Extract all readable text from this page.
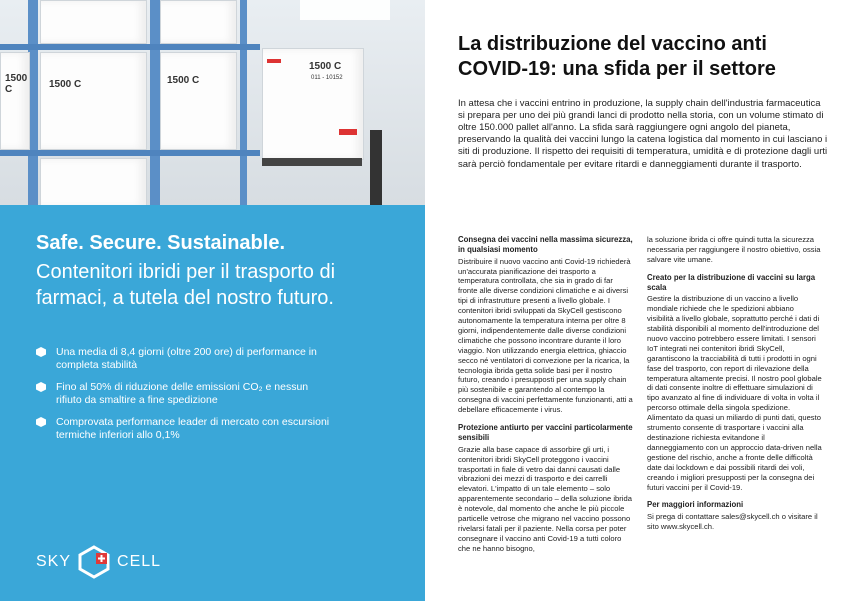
1500 C	1500 C	1500 C
1500 C
011 - 10152
Safe. Secure. Sustainable.
Contenitori ibridi per il trasporto di farmaci, a tutela del nostro futuro.
Una media di 8,4 giorni (oltre 200 ore) di performance in completa stabilità
Fino al 50% di riduzione delle emissioni CO₂ e nessun rifiuto da smaltire a fine spedizione
Comprovata performance leader di mercato con escursioni termiche inferiori allo 0,1%
SKY	CELL
La distribuzione del vaccino anti COVID-19: una sfida per il settore

In attesa che i vaccini entrino in produzione, la supply chain dell'industria farmaceutica si prepara per uno dei più grandi lanci di prodotto nella storia, con un volume stimato di oltre 150.000 pallet all'anno. La sfida sarà raggiungere ogni angolo del pianeta, preservando la qualità dei vaccini lungo la catena logistica dal momento in cui lasciano i siti di produzione. Il rispetto dei requisiti di temperatura, umidità e di protezione dagli urti sarà perciò fondamentale per evitare ritardi e danneggiamenti durante il trasporto.

Consegna dei vaccini nella massima sicurezza, in qualsiasi momento

Distribuire il nuovo vaccino anti Covid-19 richiederà un'accurata pianificazione dei trasporto a temperatura controllata, che sia in grado di far fronte alle diverse condizioni climatiche e ai diversi tipi di infrastrutture presenti a livello globale. I contenitori ibridi sviluppati da SkyCell gestiscono autonomamente la temperatura interna per oltre 8 giorni, indipendentemente dalle diverse condizioni climatiche che possono incontrare durante il loro viaggio. Non utilizzando energia elettrica, ghiaccio secco né ventilatori di convezione per la ricarica, la tecnologia ibrida getta solide basi per il nostro futuro, creando i presupposti per una supply chain più sostenibile e garantendo al contempo la consegna di vaccini perfettamente funzionanti, atti a debellare efficacemente i virus.

Protezione antiurto per vaccini particolarmente sensibili

Grazie alla base capace di assorbire gli urti, i contenitori ibridi SkyCell proteggono i vaccini trasportati in fiale di vetro dai danni causati dalle vibrazioni dei mezzi di trasporto e dei carrelli elevatori. L'impatto di un tale elemento – solo apparentemente secondario – della soluzione ibrida è notevole, dal momento che anche le più piccole particelle vetrose che migrano nel vaccino possono rivelarsi fatali per il paziente. Nella corsa per poter consegnare il vaccino anti Covid-19 a tutti coloro che ne hanno bisogno,

la soluzione ibrida ci offre quindi tutta la sicurezza necessaria per raggiungere il nostro obiettivo, ossia salvare vite umane.

Creato per la distribuzione di vaccini su larga scala

Gestire la distribuzione di un vaccino a livello mondiale richiede che le spedizioni abbiano visibilità a livello globale, soprattutto perché i dati di stabilità disponibili al momento dell'introduzione del nuovo vaccino potrebbero essere limitati. I sensori IoT integrati nei contenitori ibridi SkyCell, garantiscono la tracciabilità di tutti i prodotti in ogni fase del trasporto, con report di rilevazione della temperatura altamente precisi. Il nostro pool globale di dati consente inoltre di effettuare simulazioni di tipo avanzato al fine di individuare di volta in volta il percorso ottimale della singola spedizione. Alimentato da quasi un miliardo di punti dati, questo strumento consente di trasportare i vaccini alla destinazione richiesta evitandone il danneggiamento con un approccio data-driven nella gestione del rischio, anche a fronte delle difficoltà date dai lockdown e dai possibili ritardi dei voli, creando i migliori presupposti per la consegna dei futuri vaccini per il Covid-19.

Per maggiori informazioni

Si prega di contattare sales@skycell.ch o visitare il sito www.skycell.ch.
